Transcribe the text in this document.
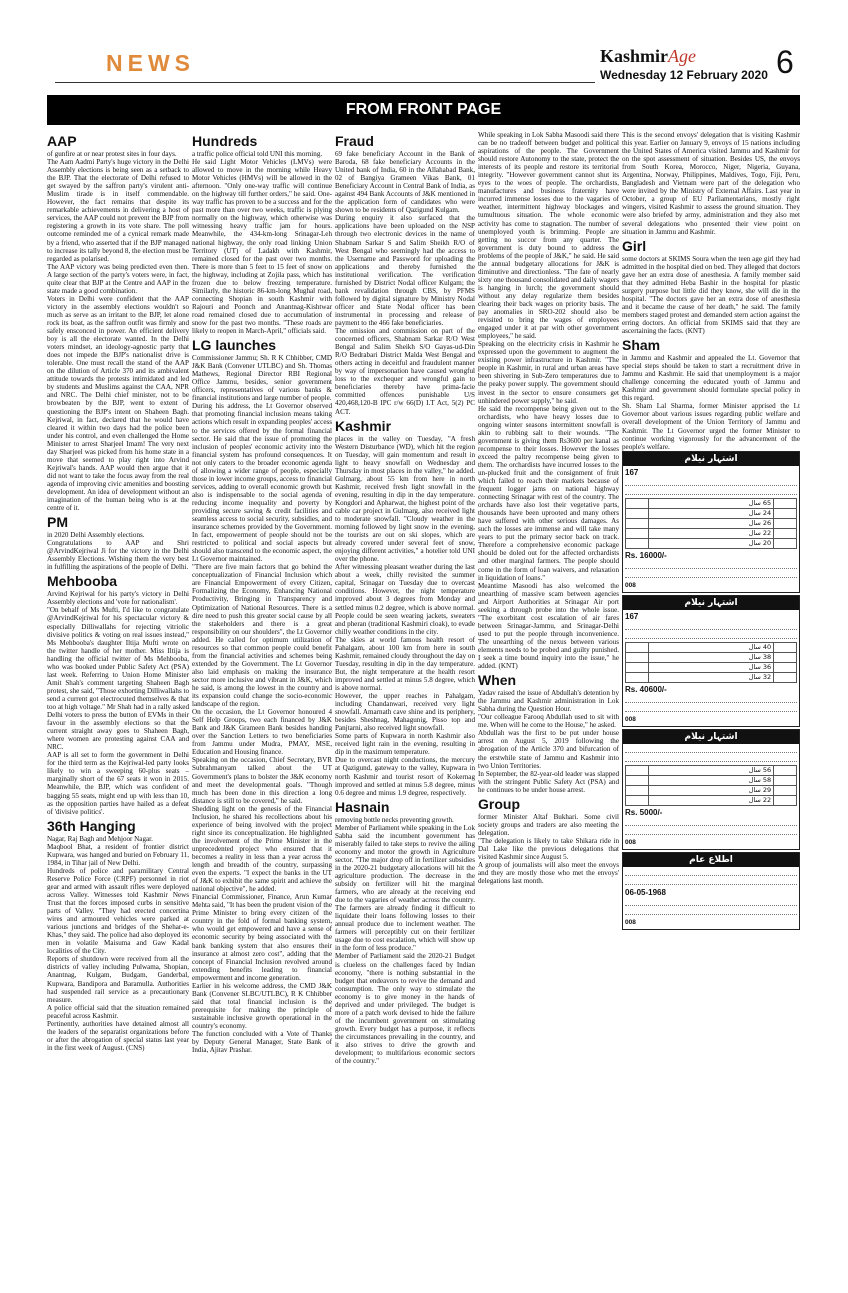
NEWS	KashmirAge
Wednesday 12 February 2020 6
FROM FRONT PAGE
AAP

of gunfire at or near protest sites in four days.

The Aam Aadmi Party's huge victory in the Delhi Assembly elections is being seen as a setback to the BJP. That the electorate of Delhi refused to get swayed by the saffron party's virulent anti-Muslim tirade is in itself commendable. However, the fact remains that despite its remarkable achievements in delivering a host of services, the AAP could not prevent the BJP from registering a growth in its vote share. The poll outcome reminded me of a cynical remark made by a friend, who asserted that if the BJP managed to increase its tally beyond 8, the election must be regarded as polarised.

The AAP victory was being predicted even then. A large section of the party's voters were, in fact, quite clear that BJP at the Centre and AAP in the state made a good combination.

Voters in Delhi were confident that the AAP victory in the assembly elections wouldn't so much as serve as an irritant to the BJP, let alone rock its boat, as the saffron outfit was firmly and safely ensconced in power. An efficient delivery boy is all the electorate wanted. In the Delhi voters mindset, an ideology-agnostic party that does not impede the BJP's nationalist drive is tolerable. One must recall the stand of the AAP on the dilution of Article 370 and its ambivalent attitude towards the protests intimidated and led by students and Muslims against the CAA, NPR and NRC. The Delhi chief minister, not to be browbeaten by the BJP, went to extent of questioning the BJP's intent on Shaheen Bagh. Kejriwal, in fact, declared that he would have cleared it within two days had the police been under his control, and even challenged the Home Minister to arrest Sharjeel Imam! The very next day Sharjeel was picked from his home state in a move that seemed to play right into Arvind Kejriwal's hands. AAP would then argue that it did not want to take the focus away from the real agenda of improving civic amenities and boosting development. An idea of development without an imagination of the human being who is at the centre of it.

PM

in 2020 Delhi Assembly elections.

Congratulations to AAP and Shri @ArvindKejriwal Ji for the victory in the Delhi Assembly Elections. Wishing them the very best in fulfilling the aspirations of the people of Delhi.

Mehbooba

Arvind Kejriwal for his party's victory in Delhi Assembly elections and 'vote for nationalism'.

"On behalf of Ms Mufti, I'd like to congratulate @ArvindKejriwal for his spectacular victory & especially Dilliwallahs for rejecting vitriolic divisive politics & voting on real issues instead," Ms Mehbooba's daughter Iltija Mufti wrote on the twitter handle of her mother. Miss Iltija is handling the official twitter of Ms Mehbooba, who was booked under Public Safety Act (PSA) last week. Referring to Union Home Minister Amit Shah's comment targeting Shaheen Bagh protest, she said, "Those exhorting Dilliwallahs to send a current got electrocuted themselves & that too at high voltage." Mr Shah had in a rally asked Delhi voters to press the button of EVMs in their favour in the assembly elections so that the current straight away goes to Shaheen Bagh, where women are protesting against CAA and NRC.

AAP is all set to form the government in Delhi for the third term as the Kejriwal-led party looks likely to win a sweeping 60-plus seats – marginally short of the 67 seats it won in 2015. Meanwhile, the BJP, which was confident of bagging 55 seats, might end up with less than 10, as the opposition parties have hailed as a defeat of 'divisive politics'.

36th Hanging

Nagar, Raj Bagh and Mehjoor Nagar.

Maqbool Bhat, a resident of frontier district Kupwara, was hanged and buried on February 11, 1984, in Tihar jail of New Delhi.

Hundreds of police and paramilitary Central Reserve Police Force (CRPF) personnel in riot gear and armed with assault rifles were deployed across Valley. Witnesses told Kashmir News Trust that the forces imposed curbs in sensitive parts of Valley. "They had erected concertina wires and armoured vehicles were parked at various junctions and bridges of the Shehar-e-Khas," they said. The police had also deployed its men in volatile Maisuma and Gaw Kadal localities of the City.

Reports of shutdown were received from all the districts of valley including Pulwama, Shopian, Anantnag, Kulgam, Budgam, Ganderbal, Kupwara, Bandipora and Baramulla. Authorities had suspended rail service as a precautionary measure.

A police official said that the situation remained peaceful across Kashmir.

Pertinently, authorities have detained almost all the leaders of the separatist organizations before or after the abrogation of special status last year in the first week of August. (CNS)

Hundreds

a traffic police official told UNI this morning.

He said Light Motor Vehicles (LMVs) were allowed to move in the morning while Heavy Motor Vehicles (HMVs) will be allowed in the afternoon. "Only one-way traffic will continue on the highway till further orders," he said. One-way traffic has proven to be a success and for the past more than over two weeks, traffic is plying normally on the highway, which otherwise was witnessing heavy traffic jam for hours. Meanwhile, the 434-km-long Srinagar-Leh national highway, the only road linking Union Territory (UT) of Ladakh with Kashmir, remained closed for the past over two months. There is more than 5 feet to 15 feet of snow on the highway, including at Zojila pass, which has frozen due to below freezing temperature. Similarly, the historic 86-km-long Mughal road, connecting Shopian in south Kashmir with Rajouri and Poonch and Anantnag-Kishtwar road remained closed due to accumulation of snow for the past two months. "These roads are likely to reopen in March-April," officials said.

LG launches

Commissioner Jammu; Sh. R K Chhibber, CMD J&K Bank (Convener UTLBC) and Sh. Thomas Mathews, Regional Director RBI Regional Office Jammu, besides, senior government officers, representatives of various banks & financial institutions and large number of people.

During his address, the Lt Governor observed that promoting financial inclusion means taking actions which result in expanding peoples' access to the services offered by the formal financial sector. He said that the issue of promoting the inclusion of peoples' economic activity into the financial system has profound consequences. It not only caters to the broader economic agenda of allowing a wider range of people, especially those in lower income groups, access to financial services, adding to overall economic growth but also is indispensable to the social agenda of reducing income inequality and poverty by providing secure saving & credit facilities and seamless access to social security, subsidies, and insurance schemes provided by the Government. In fact, empowerment of people should not be restricted to political and social aspects but should also transcend to the economic aspect, the Lt Governor maintained.

"There are five main factors that go behind the conceptualization of Financial Inclusion which are Financial Empowerment of every Citizen, Formalizing the Economy, Enhancing National Productivity, Bringing in Transparency and Optimization of National Resources. There is a dire need to push this greater social cause by all the stakeholders and there is a great responsibility on our shoulders", the Lt Governor added. He called for optimum utilization of resources so that common people could benefit from the financial activities and schemes being extended by the Government. The Lt Governor also laid emphasis on making the insurance sector more inclusive and vibrant in J&K, which he said, is among the lowest in the country and its expansion could change the socio-economic landscape of the region.

On the occasion, the Lt Governor honoured 4 Self Help Groups, two each financed by J&K Bank and J&K Grameen Bank besides handing over the Sanction Letters to two beneficiaries from Jammu under Mudra, PMAY, MSE, Education and Housing finance.

Speaking on the occasion, Chief Secretary, BVR Subrahmanyam talked about the UT Government's plans to bolster the J&K economy and meet the developmental goals. "Though much has been done in this direction a long distance is still to be covered," he said.

Shedding light on the genesis of the Financial Inclusion, he shared his recollections about his experience of being involved with the project right since its conceptualization. He highlighted the involvement of the Prime Minister in the unprecedented project who ensured that it becomes a reality in less than a year across the length and breadth of the country, surpassing even the experts. "I expect the banks in the UT of J&K to exhibit the same spirit and achieve the national objective", he added.

Financial Commissioner, Finance, Arun Kumar Mehta said, "It has been the prudent vision of the Prime Minister to bring every citizen of the country in the fold of formal banking system, who would get empowered and have a sense of economic security by being associated with the bank banking system that also ensures their insurance at almost zero cost", adding that the concept of Financial Inclusion revolved around extending benefits leading to financial empowerment and income generation.

Earlier in his welcome address, the CMD J&K Bank (Convener SLBC/UTLBC), R K Chhibber said that total financial inclusion is the prerequisite for making the principle of sustainable inclusive growth operational in the country's economy.

The function concluded with a Vote of Thanks by Deputy General Manager, State Bank of India, Ajitav Prashar.

Fraud

69 fake beneficiary Account in the Bank of Baroda, 68 fake beneficiary Accounts in the United bank of India, 60 in the Allahabad Bank, 02 of Bangiya Grameen Vikas Bank, 01 Beneficiary Account in Central Bank of India, as against 494 Bank Accounts of J&K mentioned in the application form of candidates who were shown to be residents of Qazigund Kulgam.

During enquiry it also surfaced that the applications have been uploaded on the NSP through two electronic devices in the name of Shabnam Sarkar S and Salim Sheikh R/O of West Bengal who seemingly had the access to the Username and Password for uploading the applications and thereby furnished the institutional verification. The verification furnished by District Nodal officer Kulgam; the bank revalidation through CBS, by PFMS followed by digital signature by Ministry Nodal officer and State Nodal officer has been instrumental in processing and release of payment to the 466 fake beneficiaries.

The omission and commission on part of the concerned officers, Shabnam Sarkar R/O West Bengal and Salim Sheikh S/O Gayas-ud-Din R/O Bedrabari District Malda West Bengal and others acting in deceitful and fraudulent manner by way of impersonation have caused wrongful loss to the exchequer and wrongful gain to beneficiaries thereby have prima-facie committed offences punishable U/S 420,468,120-B IPC r/w 66(D) I.T Act, 5(2) PC ACT.

Kashmir

places in the valley on Tuesday, "A fresh Western Disturbance (WD), which hit the region on Tuesday, will gain momentum and result in light to heavy snowfall on Wednesday and Thursday in most places in the valley," he added. Gulmarg, about 55 km from here in north Kashmir, received fresh light snowfall in the evening, resulting in dip in the day temperature. Kongdori and Apharwat, the highest point of the cable car project in Gulmarg, also received light to moderate snowfall. "Cloudy weather in the morning followed by light snow in the evening, the tourists are out on ski slopes, which are already covered under several feet of snow, enjoying different activities," a hotelier told UNI over the phone.

After witnessing pleasant weather during the last about a week, chilly revisited the summer capital, Srinagar on Tuesday due to overcast conditions. However, the night temperature improved about 3 degrees from Monday and settled minus 0.2 degree, which is above normal. People could be seen wearing jackets, sweaters and pheran (traditional Kashmiri cloak), to evade chilly weather conditions in the city.

The skies at world famous health resort of Pahalgam, about 100 km from here in south Kashmir, remained cloudy throughout the day on Tuesday, resulting in dip in the day temperature. But, the night temperature at the health resort improved and settled at minus 5.8 degree, which is above normal.

However, the upper reaches in Pahalgam, including Chandanwari, received very light snowfall. Amarnath cave shine and its periphery, besides Sheshnag, Mahagunig, Pisso top and Panjtarni, also received light snowfall.

Some parts of Kupwara in north Kashmir also received light rain in the evening, resulting in dip in the maximum temperature.

Due to overcast night conductions, the mercury at Qazigund, gateway to the valley, Kupwara in north Kashmir and tourist resort of Kokernag improved and settled at minus 5.8 degree, minus 0.6 degree and minus 1.9 degree, respectively.

Hasnain

removing bottle necks preventing growth.

Member of Parliament while speaking in the Lok Sabha said the incumbent government has miserably failed to take steps to revive the ailing economy and motor the growth in Agriculture sector. "The major drop off in fertilizer subsidies in the 2020-21 budgetary allocations will hit the agriculture production. The decrease in the subsidy on fertilizer will hit the marginal farmers, who are already at the receiving end due to the vagaries of weather across the country. The farmers are already finding it difficult to liquidate their loans following losses to their annual produce due to inclement weather. The farmers will perceptibly cut on their fertilizer usage due to cost escalation, which will show up in the form of less produce."

Member of Parliament said the 2020-21 Budget is clueless on the challenges faced by Indian economy, "there is nothing substantial in the budget that endeavors to revive the demand and consumption. The only way to stimulate the economy is to give money in the hands of deprived and under privileged. The budget is more of a patch work devised to hide the failure of the incumbent government on stimulating growth. Every budget has a purpose, it reflects the circumstances prevailing in the country, and it also strives to drive the growth and development; to multifarious economic sectors of the country."

While speaking in Lok Sabha Masoodi said there can be no tradeoff between budget and political aspirations of the people. The Government should restore Autonomy to the state, protect the interests of its people and restore its territorial integrity. "However government cannot shut its eyes to the woes of people. The orchardists, manufactures and business fraternity have incurred immense losses due to the vagaries of weather, intermittent highway blockages and tumultuous situation. The whole economic activity has come to stagnation. The number of unemployed youth is brimming. People are getting no succor from any quarter. The government is duty bound to address the problems of the people of J&K," he said. He said the annual budgetary allocations for J&K is diminutive and directionless. "The fate of nearly sixty one thousand consolidated and daily wagers is hanging in lurch; the government should without any delay regularize them besides clearing their back wages on priority basis. The pay anomalies in SRO-202 should also be revisited to bring the wages of employees engaged under it at par with other government employees," he said.

Speaking on the electricity crisis in Kashmir he expressed upon the government to augment the existing power infrastructure in Kashmir. "The people in Kashmir, in rural and urban areas have been shivering in Sub-Zero temperatures due to the peaky power supply. The government should invest in the sector to ensure consumers get unhindered power supply," he said.

He said the recompense being given out to the orchardists, who have heavy losses due to ongoing winter seasons intermittent snowfall is akin to rubbing salt to their wounds. "The government is giving them Rs3600 per kanal as recompense to their losses. However the losses exceed the paltry recompense being given to them. The orchardists have incurred losses to the un-plucked fruit and the consignment of fruit which failed to reach their markets because of frequent logger jams on national highway connecting Srinagar with rest of the country. The orchards have also lost their vegetative parts, thousands have been uprooted and many others have suffered with other serious damages. As such the losses are immense and will take many years to put the primary sector back on track. Therefore a comprehensive economic package should be doled out for the affected orchardists and other marginal farmers. The people should come in the form of loan waivers, and relaxation in liquidation of loans."

Meantime Masoodi has also welcomed the unearthing of massive scam between agencies and Airport Authorities at Srinagar Air port seeking a through probe into the whole issue. "The exorbitant cost escalation of air fares between Srinagar-Jammu, and Srinagar-Delhi used to put the people through inconvenience. The unearthing of the nexus between various elements needs to be probed and guilty punished. I seek a time bound inquiry into the issue," he added. (KNT)

When

Yadav raised the issue of Abdullah's detention by the Jammu and Kashmir administration in Lok Sabha during the Question Hour.

"Our colleague Farooq Abdullah used to sit with me. When will he come to the House," he asked.

Abdullah was the first to be put under house arrest on August 5, 2019 following the abrogation of the Article 370 and bifurcation of the erstwhile state of Jammu and Kashmir into two Union Territories.

In September, the 82-year-old leader was slapped with the stringent Public Safety Act (PSA) and he continues to be under house arrest.

Group

former Minister Altaf Bukhari. Some civil society groups and traders are also meeting the delegation.

"The delegation is likely to take Shikara ride in Dal Lake like the previous delegations that visited Kashmir since August 5.

A group of journalists will also meet the envoys and they are mostly those who met the envoys' delegations last month.

This is the second envoys' delegation that is visiting Kashmir this year. Earlier on January 9, envoys of 15 nations including the United States of America visited Jammu and Kashmir for on the spot assessment of situation. Besides US, the envoys from South Korea, Morocco, Niger, Nigeria, Guyana, Argentina, Norway, Philippines, Maldives, Togo, Fiji, Peru, Bangladesh and Vietnam were part of the delegation who were invited by the Ministry of External Affairs. Last year in October, a group of EU Parliamentarians, mostly right wingers, visited Kashmir to assess the ground situation. They were also briefed by army, administration and they also met several delegations who presented their view point on situation in Jammu and Kashmir.

Girl

some doctors at SKIMS Soura when the teen age girl they had admitted in the hospital died on bed. They alleged that doctors gave her an extra dose of anesthesia. A family member said that they admitted Heba Bashir in the hospital for plastic surgery purpose but little did they know, she will die in the hospital. "The doctors gave her an extra dose of anesthesia and it became the cause of her death," he said. The family members staged protest and demanded stern action against the erring doctors. An official from SKIMS said that they are ascertaining the facts. (KNT)

Sham

in Jammu and Kashmir and appealed the Lt. Governor that special steps should be taken to start a recruitment drive in Jammu and Kashmir. He said that unemployment is a major challenge concerning the educated youth of Jammu and Kashmir and government should formulate special policy in this regard.

Sh. Sham Lal Sharma, former Minister apprised the Lt Governor about various issues regarding public welfare and overall development of the Union Territory of Jammu and Kashmir. The Lt Governor urged the former Minister to continue working vigorously for the advancement of the people's welfare.

اشتہار نیلام
167
	65 سال	
	24 سال	
	26 سال	
	22 سال	
	20 سال	
Rs. 16000/-
008
اشتہار نیلام
167
	40 سال	
	38 سال	
	36 سال	
	32 سال	
Rs. 40600/-
008
اشتہار نیلام
	56 سال	
	58 سال	
	29 سال	
	22 سال	
Rs. 5000/-
008
اطلاع عام
06-05-1968
008
